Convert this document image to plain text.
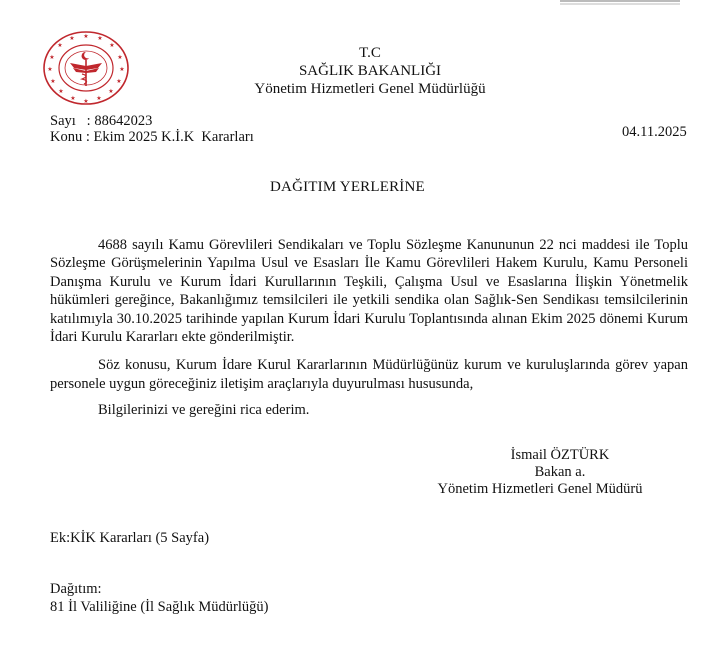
★
★	★
★	★
★	★
★	★
★	★
★	★
★	★
★
T.C
SAĞLIK BAKANLIĞI
Yönetim Hizmetleri Genel Müdürlüğü
Sayı   : 88642023
Konu : Ekim 2025 K.İ.K  Kararları	04.11.2025
DAĞITIM YERLERİNE

4688 sayılı Kamu Görevlileri Sendikaları ve Toplu Sözleşme Kanununun 22 nci maddesi ile Toplu Sözleşme Görüşmelerinin Yapılma Usul ve Esasları İle Kamu Görevlileri Hakem Kurulu, Kamu Personeli Danışma Kurulu ve Kurum İdari Kurullarının Teşkili, Çalışma Usul ve Esaslarına İlişkin Yönetmelik hükümleri gereğince, Bakanlığımız temsilcileri ile yetkili sendika olan Sağlık-Sen Sendikası temsilcilerinin katılımıyla 30.10.2025 tarihinde yapılan Kurum İdari Kurulu Toplantısında alınan Ekim 2025 dönemi Kurum İdari Kurulu Kararları ekte gönderilmiştir.

Söz konusu, Kurum İdare Kurul Kararlarının Müdürlüğünüz kurum ve kuruluşlarında görev yapan personele uygun göreceğiniz iletişim araçlarıyla duyurulması hususunda,

Bilgilerinizi ve gereğini rica ederim.

İsmail ÖZTÜRK
Bakan a.
Yönetim Hizmetleri Genel Müdürü
Ek:KİK Kararları (5 Sayfa)
Dağıtım:
81 İl Valiliğine (İl Sağlık Müdürlüğü)
